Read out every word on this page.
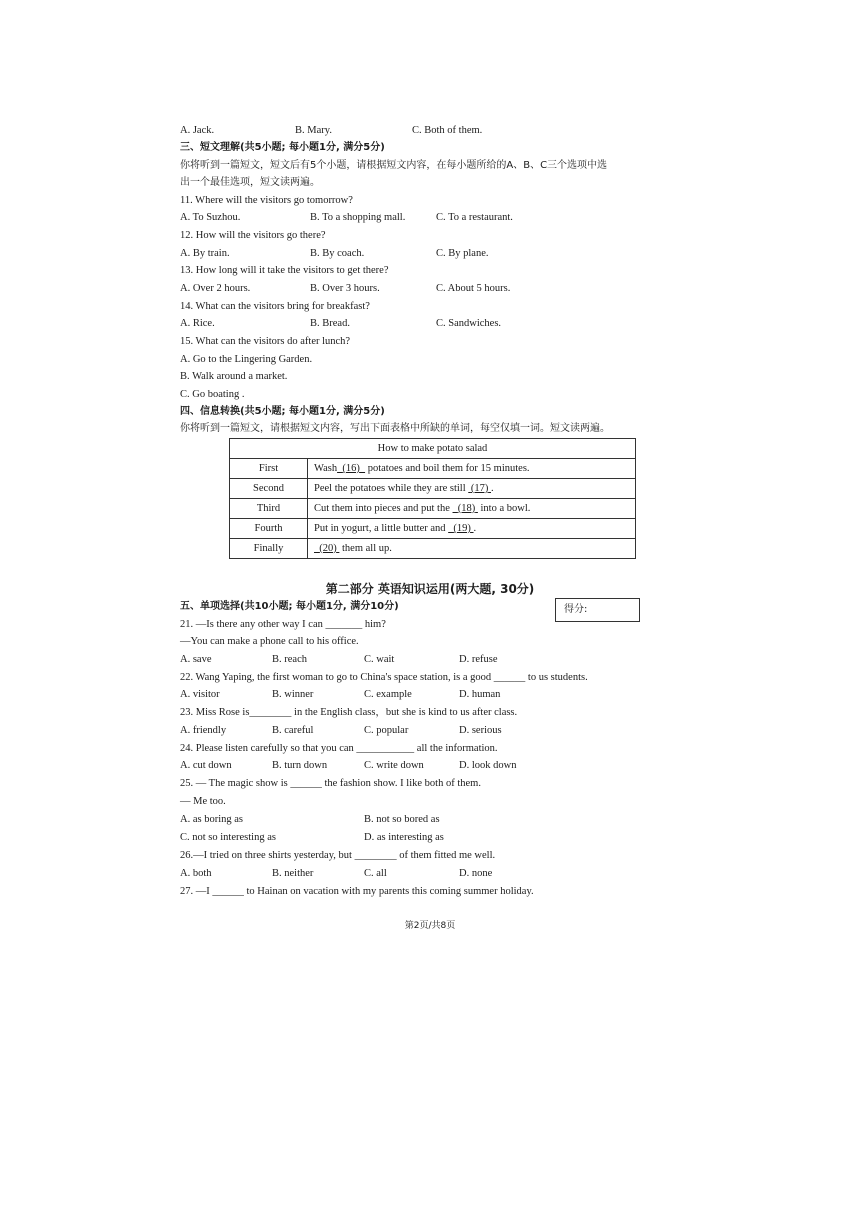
A. Jack.	B. Mary.	C. Both of them.
三、短文理解(共5小题; 每小题1分, 满分5分)
你将听到一篇短文，短文后有5个小题，请根据短文内容，在每小题所给的A、B、C三个选项中选
出一个最佳选项，短文读两遍。
11. Where will the visitors go tomorrow?
A. To Suzhou.	B. To a shopping mall.	C. To a restaurant.
12. How will the visitors go there?
A. By train.	B. By coach.	C. By plane.
13. How long will it take the visitors to get there?
A. Over 2 hours.	B. Over 3 hours.	C. About 5 hours.
14. What can the visitors bring for breakfast?
A. Rice.	B. Bread.	C. Sandwiches.
15. What can the visitors do after lunch?
A. Go to the Lingering Garden.
B. Walk around a market.
C. Go boating .
四、信息转换(共5小题; 每小题1分, 满分5分)
你将听到一篇短文，请根据短文内容，写出下面表格中所缺的单词，每空仅填一词。短文读两遍。
How to make potato salad	
First	Wash (16) potatoes and boil them for 15 minutes.
Second	Peel the potatoes while they are still (17) .
Third	Cut them into pieces and put the (18) into a bowl.
Fourth	Put in yogurt, a little butter and (19) .
Finally	(20) them all up.
第二部分 英语知识运用(两大题, 30分)
得分:
五、单项选择(共10小题; 每小题1分, 满分10分)
21. —Is there any other way I can _______ him?
—You can make a phone call to his office.
A. save	B. reach	C. wait	D. refuse
22. Wang Yaping, the first woman to go to China's space station, is a good ______ to us students.
A. visitor	B. winner	C. example	D. human
23. Miss Rose is________ in the English class，but she is kind to us after class.
A. friendly	B. careful	C. popular	D. serious
24. Please listen carefully so that you can ___________ all the information.
A. cut down	B. turn down	C. write down	D. look down
25. — The magic show is ______ the fashion show. I like both of them.
— Me too.
A. as boring as	B. not so bored as
C. not so interesting as	D. as interesting as
26.—I tried on three shirts yesterday, but ________ of them fitted me well.
A. both	B. neither	C. all	D. none
27. —I ______ to Hainan on vacation with my parents this coming summer holiday.
第2页/共8页
